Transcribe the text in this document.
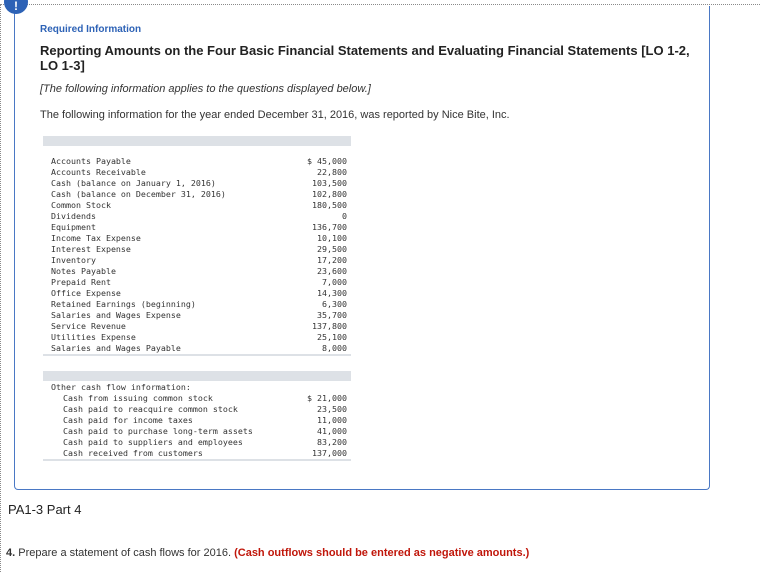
!
Required Information
Reporting Amounts on the Four Basic Financial Statements and Evaluating Financial Statements [LO 1-2, LO 1-3]
[The following information applies to the questions displayed below.]
The following information for the year ended December 31, 2016, was reported by Nice Bite, Inc.
Accounts Payable	$ 45,000
Accounts Receivable	22,800
Cash (balance on January 1, 2016)	103,500
Cash (balance on December 31, 2016)	102,800
Common Stock	180,500
Dividends	0
Equipment	136,700
Income Tax Expense	10,100
Interest Expense	29,500
Inventory	17,200
Notes Payable	23,600
Prepaid Rent	7,000
Office Expense	14,300
Retained Earnings (beginning)	6,300
Salaries and Wages Expense	35,700
Service Revenue	137,800
Utilities Expense	25,100
Salaries and Wages Payable	8,000
Other cash flow information:
Cash from issuing common stock	$ 21,000
Cash paid to reacquire common stock	23,500
Cash paid for income taxes	11,000
Cash paid to purchase long-term assets	41,000
Cash paid to suppliers and employees	83,200
Cash received from customers	137,000
PA1-3 Part 4
4. Prepare a statement of cash flows for 2016. (Cash outflows should be entered as negative amounts.)
